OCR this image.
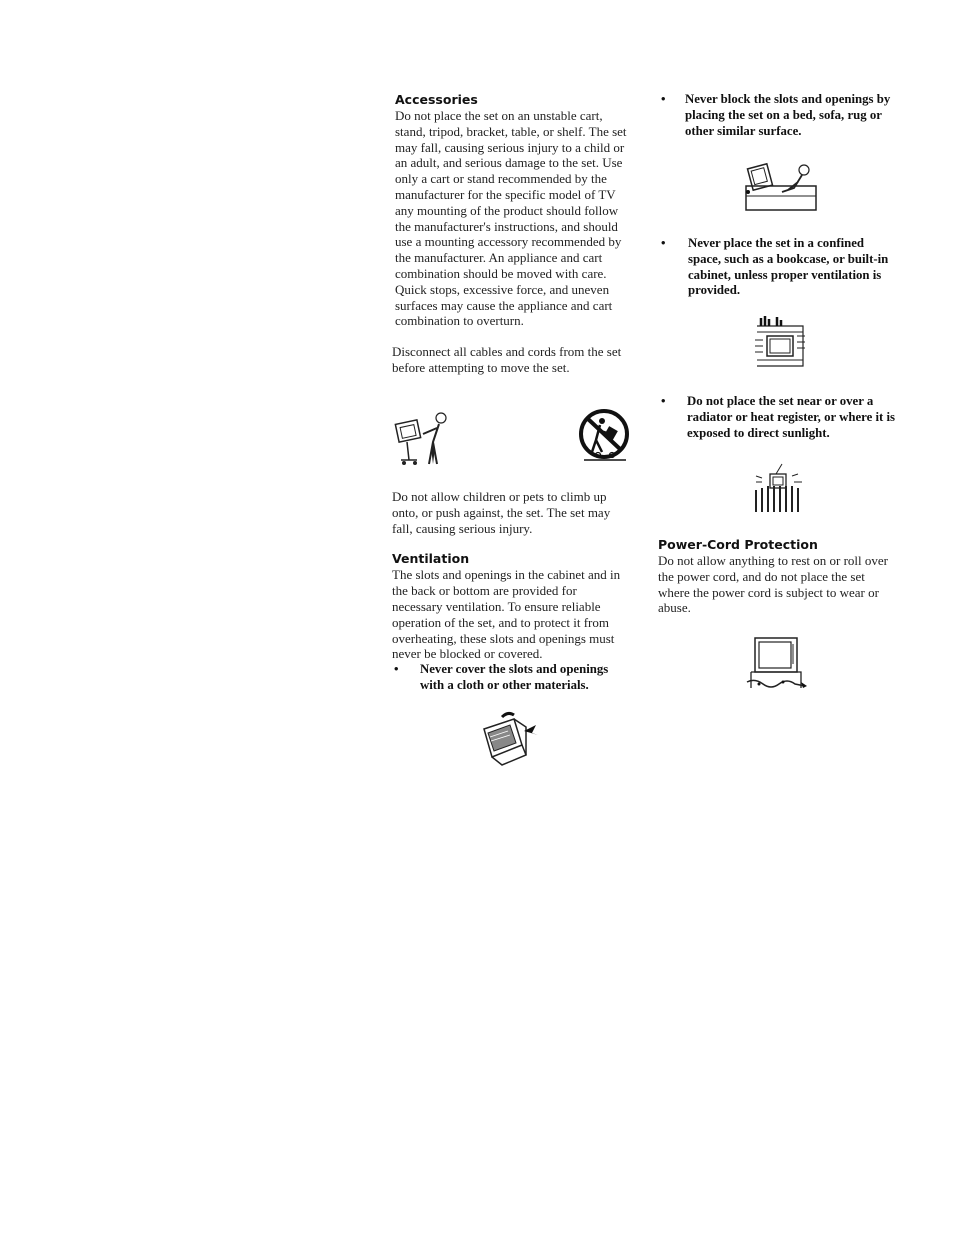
Accessories

Do not place the set on an unstable cart, stand, tripod, bracket, table, or shelf. The set may fall, causing serious injury to a child or an adult, and serious damage to the set. Use only a cart or stand recommended by the manufacturer for the specific model of TV any mounting of the product should follow the manufacturer's instructions, and should use a mounting accessory recommended by the manufacturer. An appliance and cart combination should be moved with care. Quick stops, excessive force, and uneven surfaces may cause the appliance and cart combination to overturn.

Disconnect all cables and cords from the set before attempting to move the set.

Do not allow children or pets to climb up onto, or push against, the set. The set may fall, causing serious injury.

Ventilation

The slots and openings in the cabinet and in the back or bottom are provided for necessary ventilation. To ensure reliable operation of the set, and to protect it from overheating, these slots and openings must never be blocked or covered.

• Never cover the slots and openings with a cloth or other materials.

• Never block the slots and openings by placing the set on a bed, sofa, rug or other similar surface.

• Never place the set in a confined space, such as a bookcase, or built-in cabinet, unless proper ventilation is provided.

• Do not place the set near or over a radiator or heat register, or where it is exposed to direct sunlight.

Power-Cord Protection

Do not allow anything to rest on or roll over the power cord, and do not place the set where the power cord is subject to wear or abuse.
